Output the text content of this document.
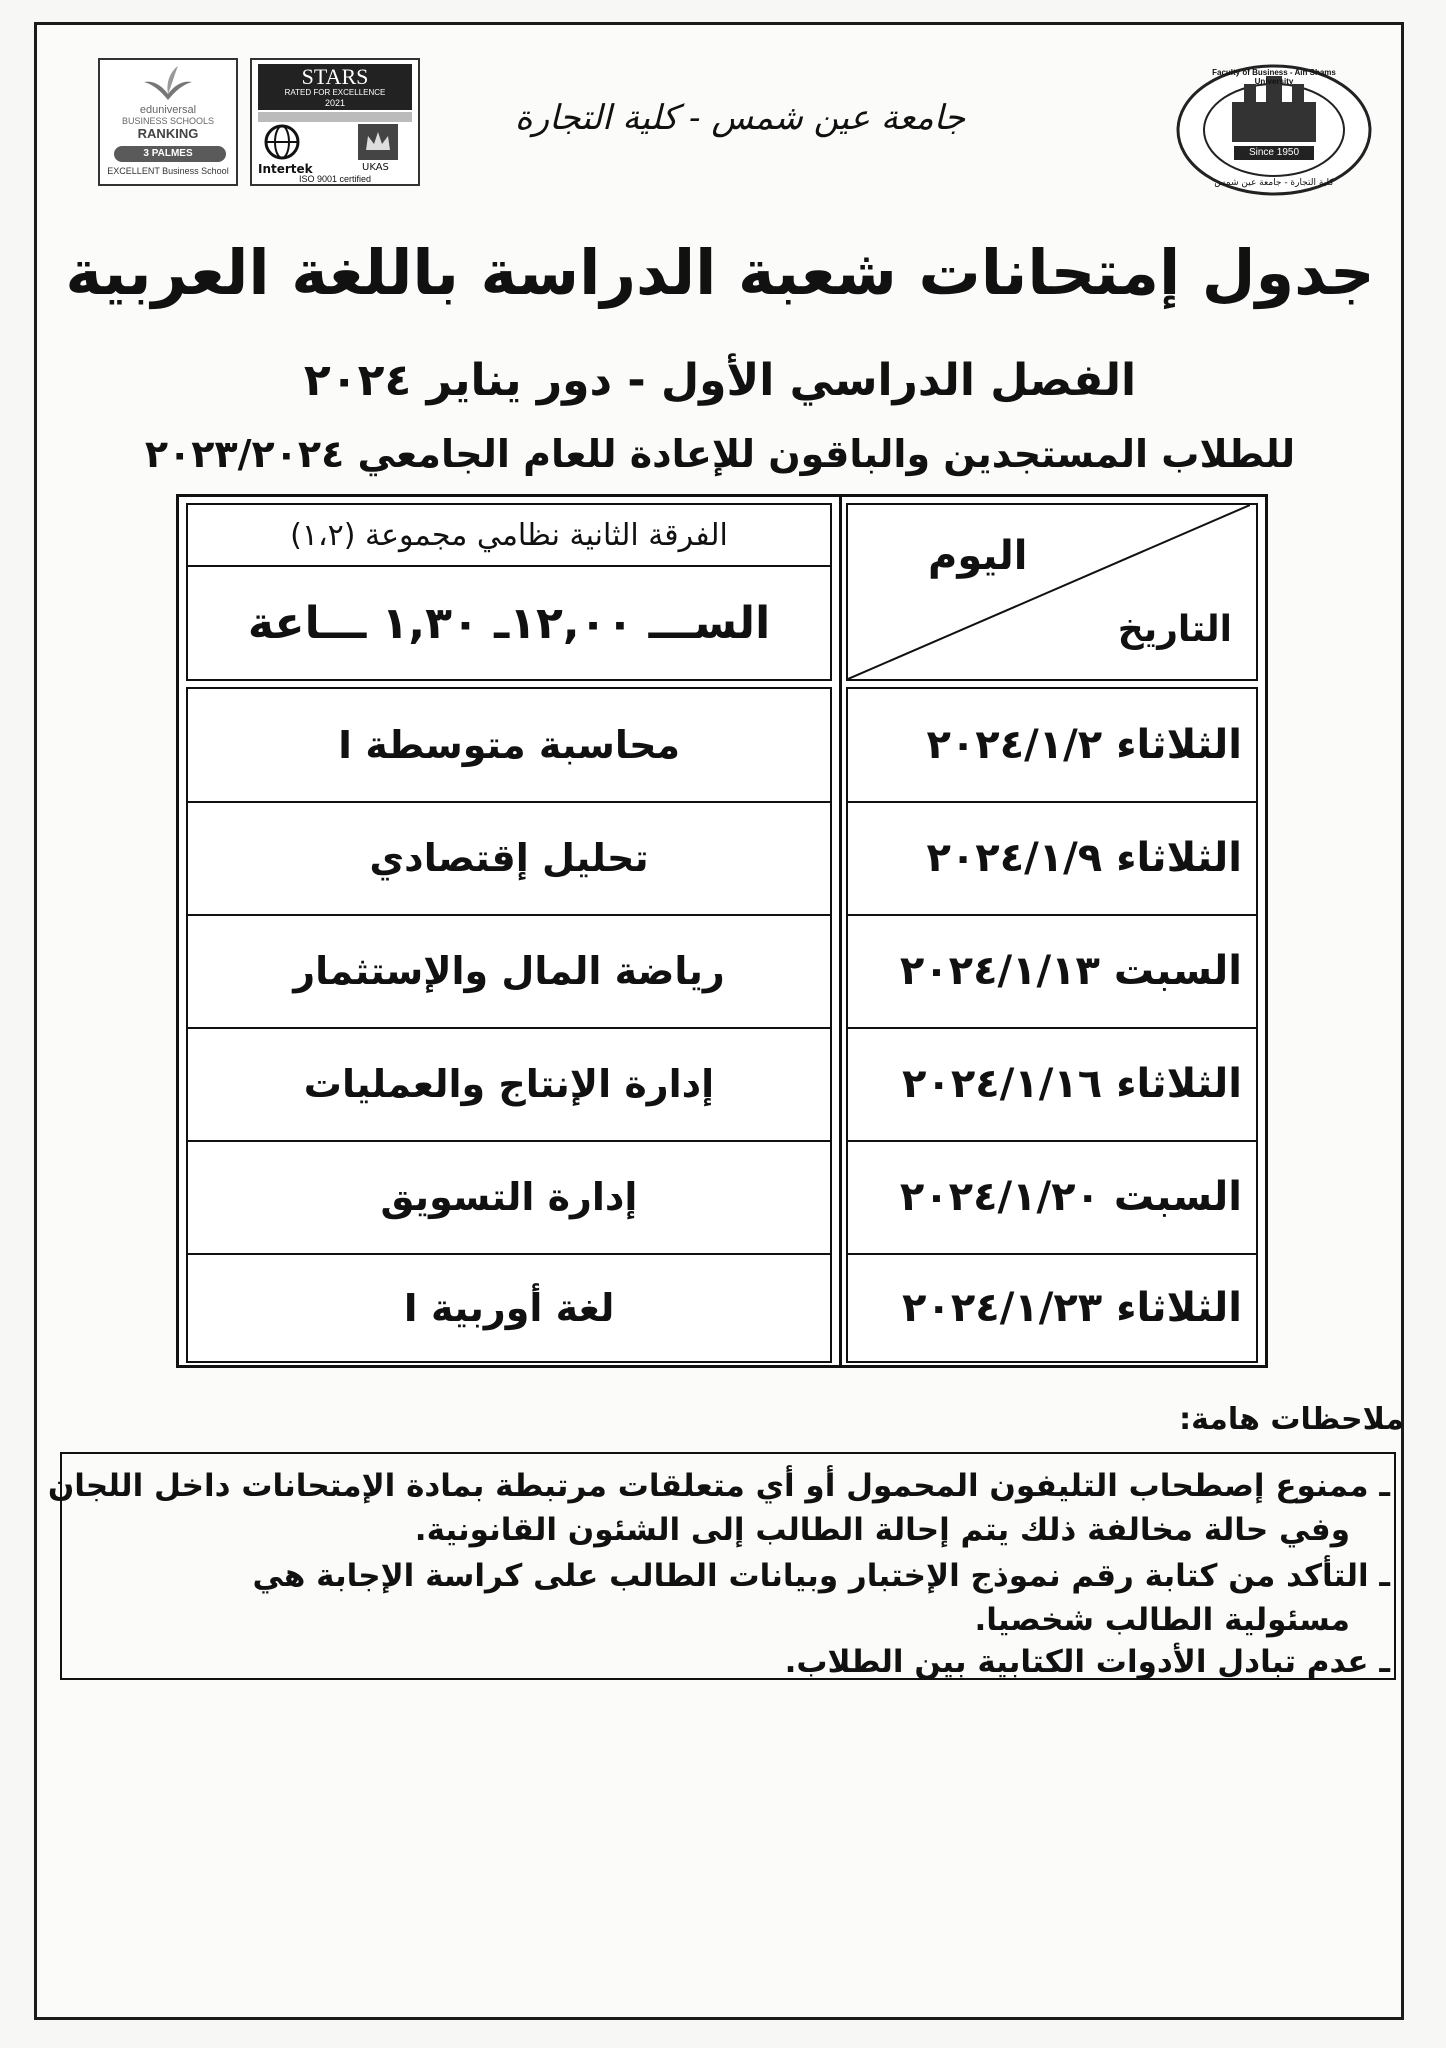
eduniversal
BUSINESS SCHOOLS
RANKING
3 PALMES
EXCELLENT Business School
STARS
RATED FOR EXCELLENCE
2021
Intertek	UKAS
ISO 9001 certified
جامعة عين شمس - كلية التجارة
Since 1950
Faculty of Business - Ain Shams University
كلية التجارة - جامعة عين شمس
جدول إمتحانات شعبة الدراسة باللغة العربية
الفصل الدراسي الأول - دور يناير ٢٠٢٤
للطلاب المستجدين والباقون للإعادة للعام الجامعي ٢٠٢٣/٢٠٢٤
الفرقة الثانية نظامي مجموعة (١،٢)
الســـ ١٢,٠٠ـ ١,٣٠ ـــاعة
محاسبة متوسطة I
تحليل إقتصادي
رياضة المال والإستثمار
إدارة الإنتاج والعمليات
إدارة التسويق
لغة أوربية I
اليوم
التاريخ
الثلاثاء ٢٠٢٤/١/٢
الثلاثاء ٢٠٢٤/١/٩
السبت ٢٠٢٤/١/١٣
الثلاثاء ٢٠٢٤/١/١٦
السبت ٢٠٢٤/١/٢٠
الثلاثاء ٢٠٢٤/١/٢٣
ملاحظات هامة:
ـ ممنوع إصطحاب التليفون المحمول أو أي متعلقات مرتبطة بمادة الإمتحانات داخل اللجان
وفي حالة مخالفة ذلك يتم إحالة الطالب إلى الشئون القانونية.
ـ التأكد من كتابة رقم نموذج الإختبار وبيانات الطالب على كراسة الإجابة هي
مسئولية الطالب شخصيا.
ـ عدم تبادل الأدوات الكتابية بين الطلاب.
